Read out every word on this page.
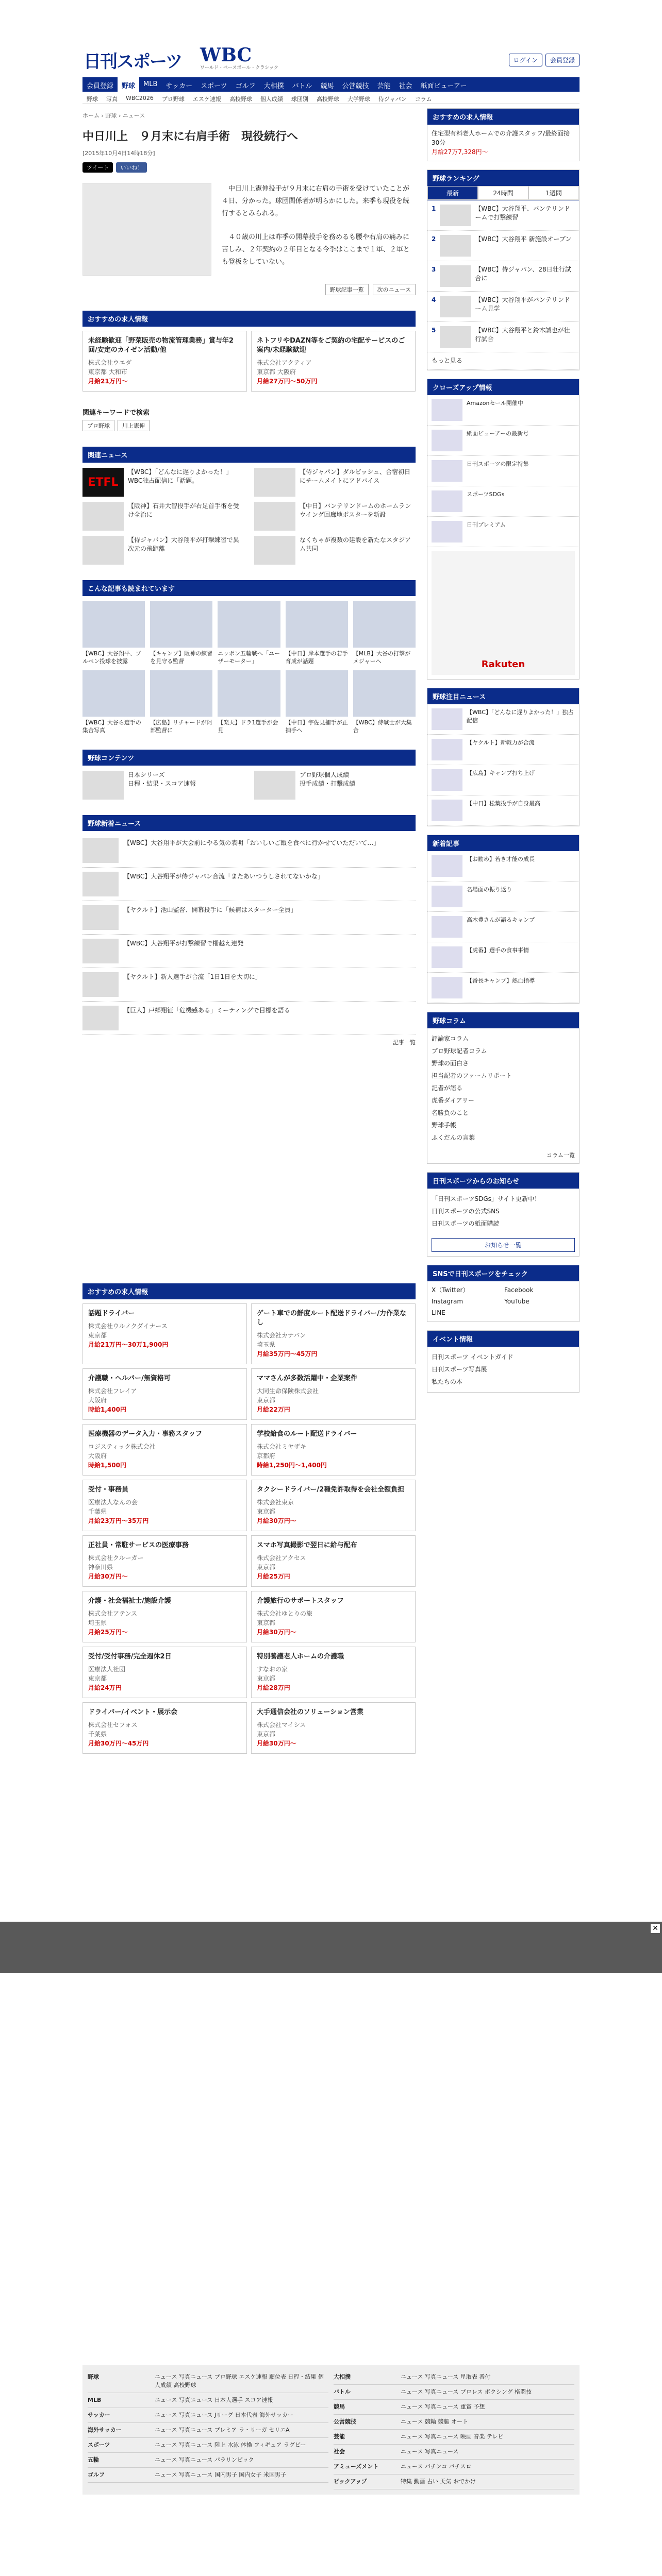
日刊スポーツ WBC
ワールド・ベースボール・クラシック
ログイン	会員登録
会員登録	野球	MLB	サッカー	スポーツ	ゴルフ	大相撲	バトル	競馬	公営競技	芸能	社会	紙面ビューアー
野球	写真	WBC2026	プロ野球	エスケ速報	高校野球	個人成績	球団別	高校野球	大学野球	侍ジャパン	コラム
ホーム › 野球 › ニュース
中日川上　９月末に右肩手術　現役続行へ
[2015年10月4日14時18分]
ツイート	いいね！

中日川上憲伸投手が９月末に右肩の手術を受けていたことが４日、分かった。球団関係者が明らかにした。来季も現役を続行するとみられる。

４０歳の川上は昨季の開幕投手を務めるも腰や右肩の痛みに苦しみ、２年契約の２年目となる今季はここまで１軍、２軍とも登板をしていない。

野球記事一覧	次のニュース
おすすめの求人情報
未経験歓迎「野菜販売の物流管理業務」賞与年2回/安定のカイゼン活動/他
株式会社ウエダ
東京都 大和市
月給21万円～
ネトフリやDAZN等をご契約の宅配サービスのご案内/未経験歓迎
株式会社アクティア
東京都 大阪府
月給27万円～50万円
関連キーワードで検索
プロ野球	川上憲伸
関連ニュース
ETFL
【WBC】「どんなに遅りよかった！」WBC独占配信に「話題。
【侍ジャパン】ダルビッシュ、合宿初日にチームメイトにアドバイス
【阪神】石井大智投手が右足首手術を受け全治に
【中日】バンテリンドームのホームランウイング回廊地ポスターを新設
【侍ジャパン】大谷翔平が打撃練習で異次元の飛距離
なくちゃが複数の建設を新たなスタジアム共同
こんな記事も読まれています
【WBC】大谷翔平、ブルペン投球を披露
【キャンプ】阪神の練習を見守る監督
ニッポン五輪戦へ「ユーザーモーター」
【中日】岸本選手の若手育成が話題
【MLB】大谷の打撃がメジャーへ
【WBC】大谷ら選手の集合写真
【広島】リチャードが阿部監督に
【楽天】ドラ1選手が会見
【中日】宇佐見捕手が正捕手へ
【WBC】侍戦士が大集合
野球コンテンツ
日本シリーズ
日程・結果・スコア速報
プロ野球個人成績
投手成績・打撃成績
野球新着ニュース
【WBC】大谷翔平が大会前にやる気の表明「おいしいご飯を食べに行かせていただいて…」
【WBC】大谷翔平が侍ジャパン合流「またあいつうしされてないかな」
【ヤクルト】池山監督、開幕投手に「候補はスターター全員」
【WBC】大谷翔平が打撃練習で柵越え連発
【ヤクルト】新人選手が合流「1日1日を大切に」
【巨人】戸郷翔征「危機感ある」ミーティングで目標を語る
記事一覧
おすすめの求人情報
話題ドライバー
株式会社ウルノクダイナース
東京都
月給21万円～30万1,900円
ゲート車での鮮度ルート配送ドライバー/力作業なし
株式会社カナバン
埼玉県
月給35万円～45万円
介護職・ヘルパー/無資格可
株式会社フレイア
大阪府
時給1,400円
ママさんが多数活躍中・企業案件
大同生命保険株式会社
東京都
月給22万円
医療機器のデータ入力・事務スタッフ
ロジスティック株式会社
大阪府
時給1,500円
学校給食のルート配送ドライバー
株式会社ミヤザキ
京都府
時給1,250円～1,400円
受付・事務員
医療法人なんの会
千葉県
月給23万円～35万円
タクシードライバー/2種免許取得を会社全額負担
株式会社東京
東京都
月給30万円～
正社員・常駐サービスの医療事務
株式会社クルーガー
神奈川県
月給30万円～
スマホ写真撮影で翌日に給与配布
株式会社アクセス
東京都
月給25万円
介護・社会福祉士/施設介護
株式会社アテンス
埼玉県
月給25万円～
介護旅行のサポートスタッフ
株式会社ゆとりの旅
東京都
月給30万円～
受付/受付事務/完全週休2日
医療法人社団
東京都
月給24万円
特別養護老人ホームの介護職
すなおの家
東京都
月給28万円
ドライバー/イベント・展示会
株式会社セフォス
千葉県
月給30万円～45万円
大手通信会社のソリューション営業
株式会社マイシス
東京都
月給30万円～
おすすめの求人情報
住宅型有料老人ホームでの介護スタッフ/最終面接30分
月給27万7,328円～
野球ランキング
最新	24時間	1週間
1	【WBC】大谷翔平、バンテリンドームで打撃練習
2	【WBC】大谷翔平 新施設オープン
3	【WBC】侍ジャパン、28日壮行試合に
4	【WBC】大谷翔平がバンテリンドーム見学
5	【WBC】大谷翔平と鈴木誠也が壮行試合
もっと見る
クローズアップ情報
Amazonセール開催中
紙面ビューアーの最新号
日刊スポーツの限定特集
スポーツSDGs
日刊プレミアム
Rakuten
野球注目ニュース
【WBC】「どんなに遅りよかった！」独占配信
【ヤクルト】新戦力が合流
【広島】キャンプ打ち上げ
【中日】松葉投手が自身最高
新着記事
【お勧め】若き才能の成長
名場面の振り返り
高木豊さんが語るキャンプ
【虎番】選手の食事事情
【番長キャンプ】熱血指導
野球コラム
評論家コラム
プロ野球記者コラム
野球の面白さ
担当記者のファームリポート
記者が語る
虎番ダイアリー
名勝負のこと
野球手帳
ふくだんの言葉
コラム一覧
日刊スポーツからのお知らせ
「日刊スポーツSDGs」サイト更新中！
日刊スポーツの公式SNS
日刊スポーツの紙面購読
お知らせ一覧
SNSで日刊スポーツをチェック
X（Twitter）	Facebook
Instagram	YouTube
LINE
イベント情報
日刊スポーツ イベントガイド
日刊スポーツ写真展
私たちの本
✕
野球	ニュース 写真ニュース プロ野球 エスケ速報 順位表 日程・結果 個人成績 高校野球
MLB	ニュース 写真ニュース 日本人選手 スコア速報
サッカー	ニュース 写真ニュース Jリーグ 日本代表 海外サッカー
海外サッカー	ニュース 写真ニュース プレミア ラ・リーガ セリエA
スポーツ	ニュース 写真ニュース 陸上 水泳 体操 フィギュア ラグビー
五輪	ニュース 写真ニュース パラリンピック
ゴルフ	ニュース 写真ニュース 国内男子 国内女子 米国男子
大相撲	ニュース 写真ニュース 星取表 番付
バトル	ニュース 写真ニュース プロレス ボクシング 格闘技
競馬	ニュース 写真ニュース 重賞 予想
公営競技	ニュース 競輪 競艇 オート
芸能	ニュース 写真ニュース 映画 音楽 テレビ
社会	ニュース 写真ニュース
アミューズメント	ニュース パチンコ パチスロ
ピックアップ	特集 動画 占い 天気 おでかけ
